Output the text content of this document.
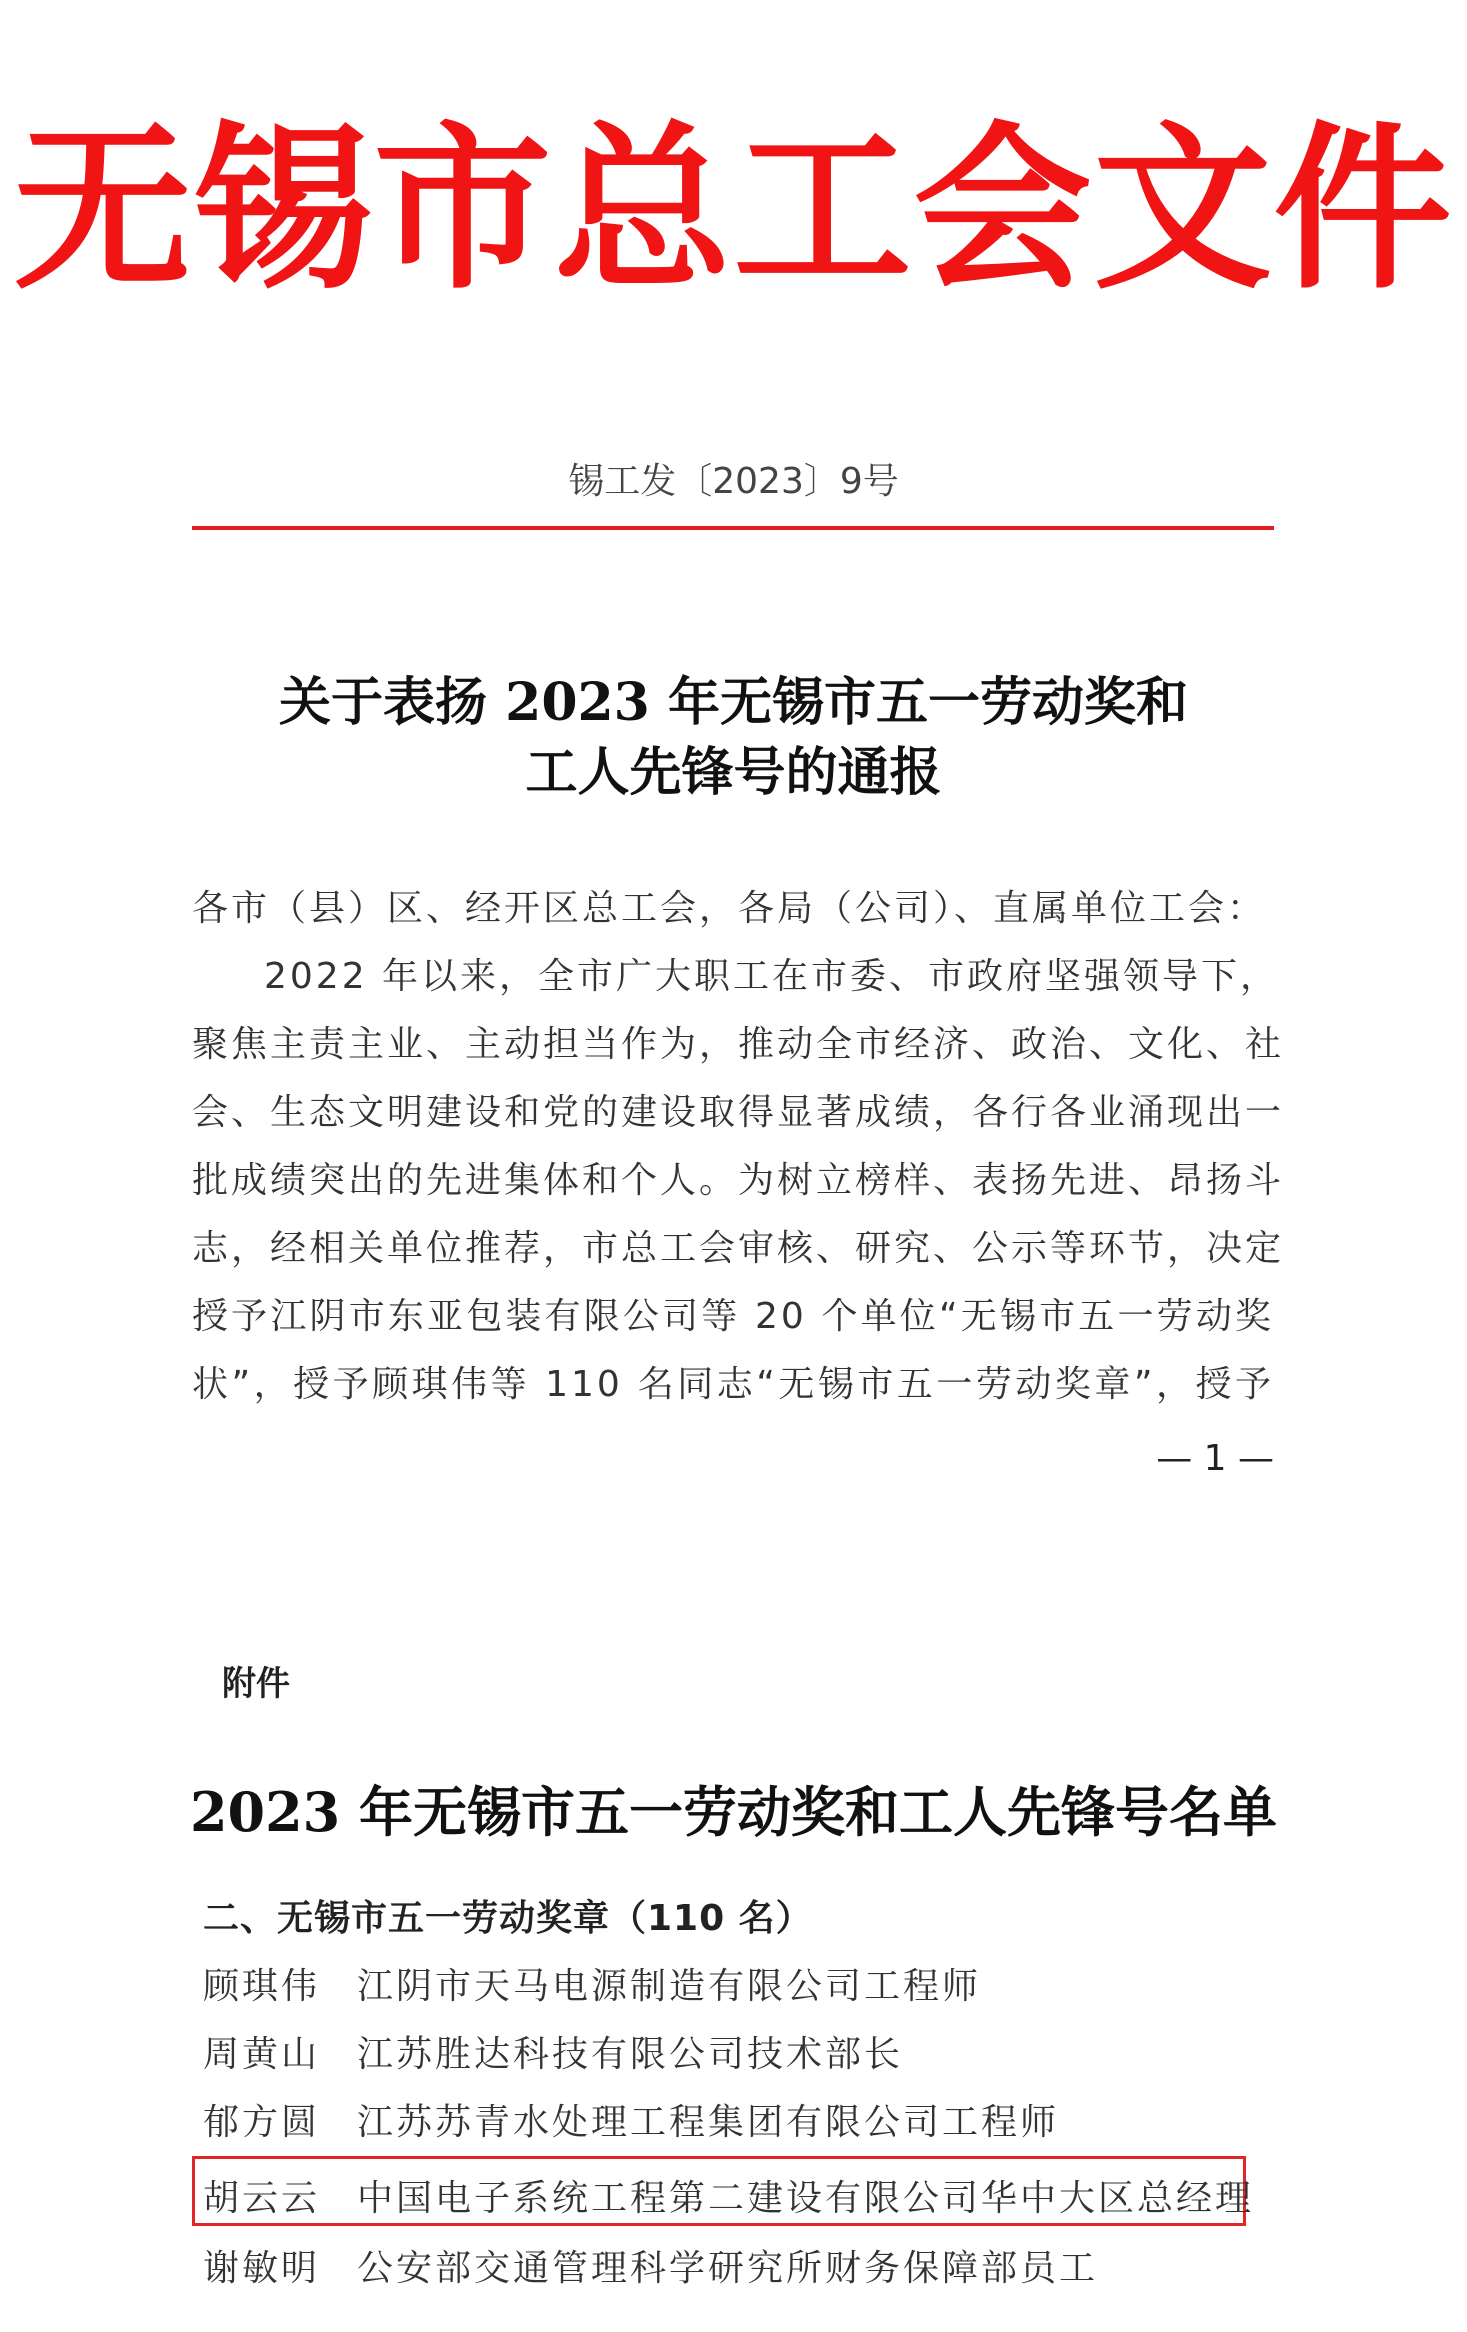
无锡市总工会文件
锡工发〔2023〕9号
关于表扬 2023 年无锡市五一劳动奖和
工人先锋号的通报
各市（县）区、经开区总工会，各局（公司）、直属单位工会：
2022 年以来，全市广大职工在市委、市政府坚强领导下，
聚焦主责主业、主动担当作为，推动全市经济、政治、文化、社
会、生态文明建设和党的建设取得显著成绩，各行各业涌现出一
批成绩突出的先进集体和个人。为树立榜样、表扬先进、昂扬斗
志，经相关单位推荐，市总工会审核、研究、公示等环节，决定
授予江阴市东亚包装有限公司等 20 个单位“无锡市五一劳动奖
状”，授予顾琪伟等 110 名同志“无锡市五一劳动奖章”，授予
— 1 —
附件
2023 年无锡市五一劳动奖和工人先锋号名单
二、无锡市五一劳动奖章（110 名）
顾琪伟 江阴市天马电源制造有限公司工程师
周黄山 江苏胜达科技有限公司技术部长
郁方圆 江苏苏青水处理工程集团有限公司工程师
胡云云 中国电子系统工程第二建设有限公司华中大区总经理
谢敏明 公安部交通管理科学研究所财务保障部员工
